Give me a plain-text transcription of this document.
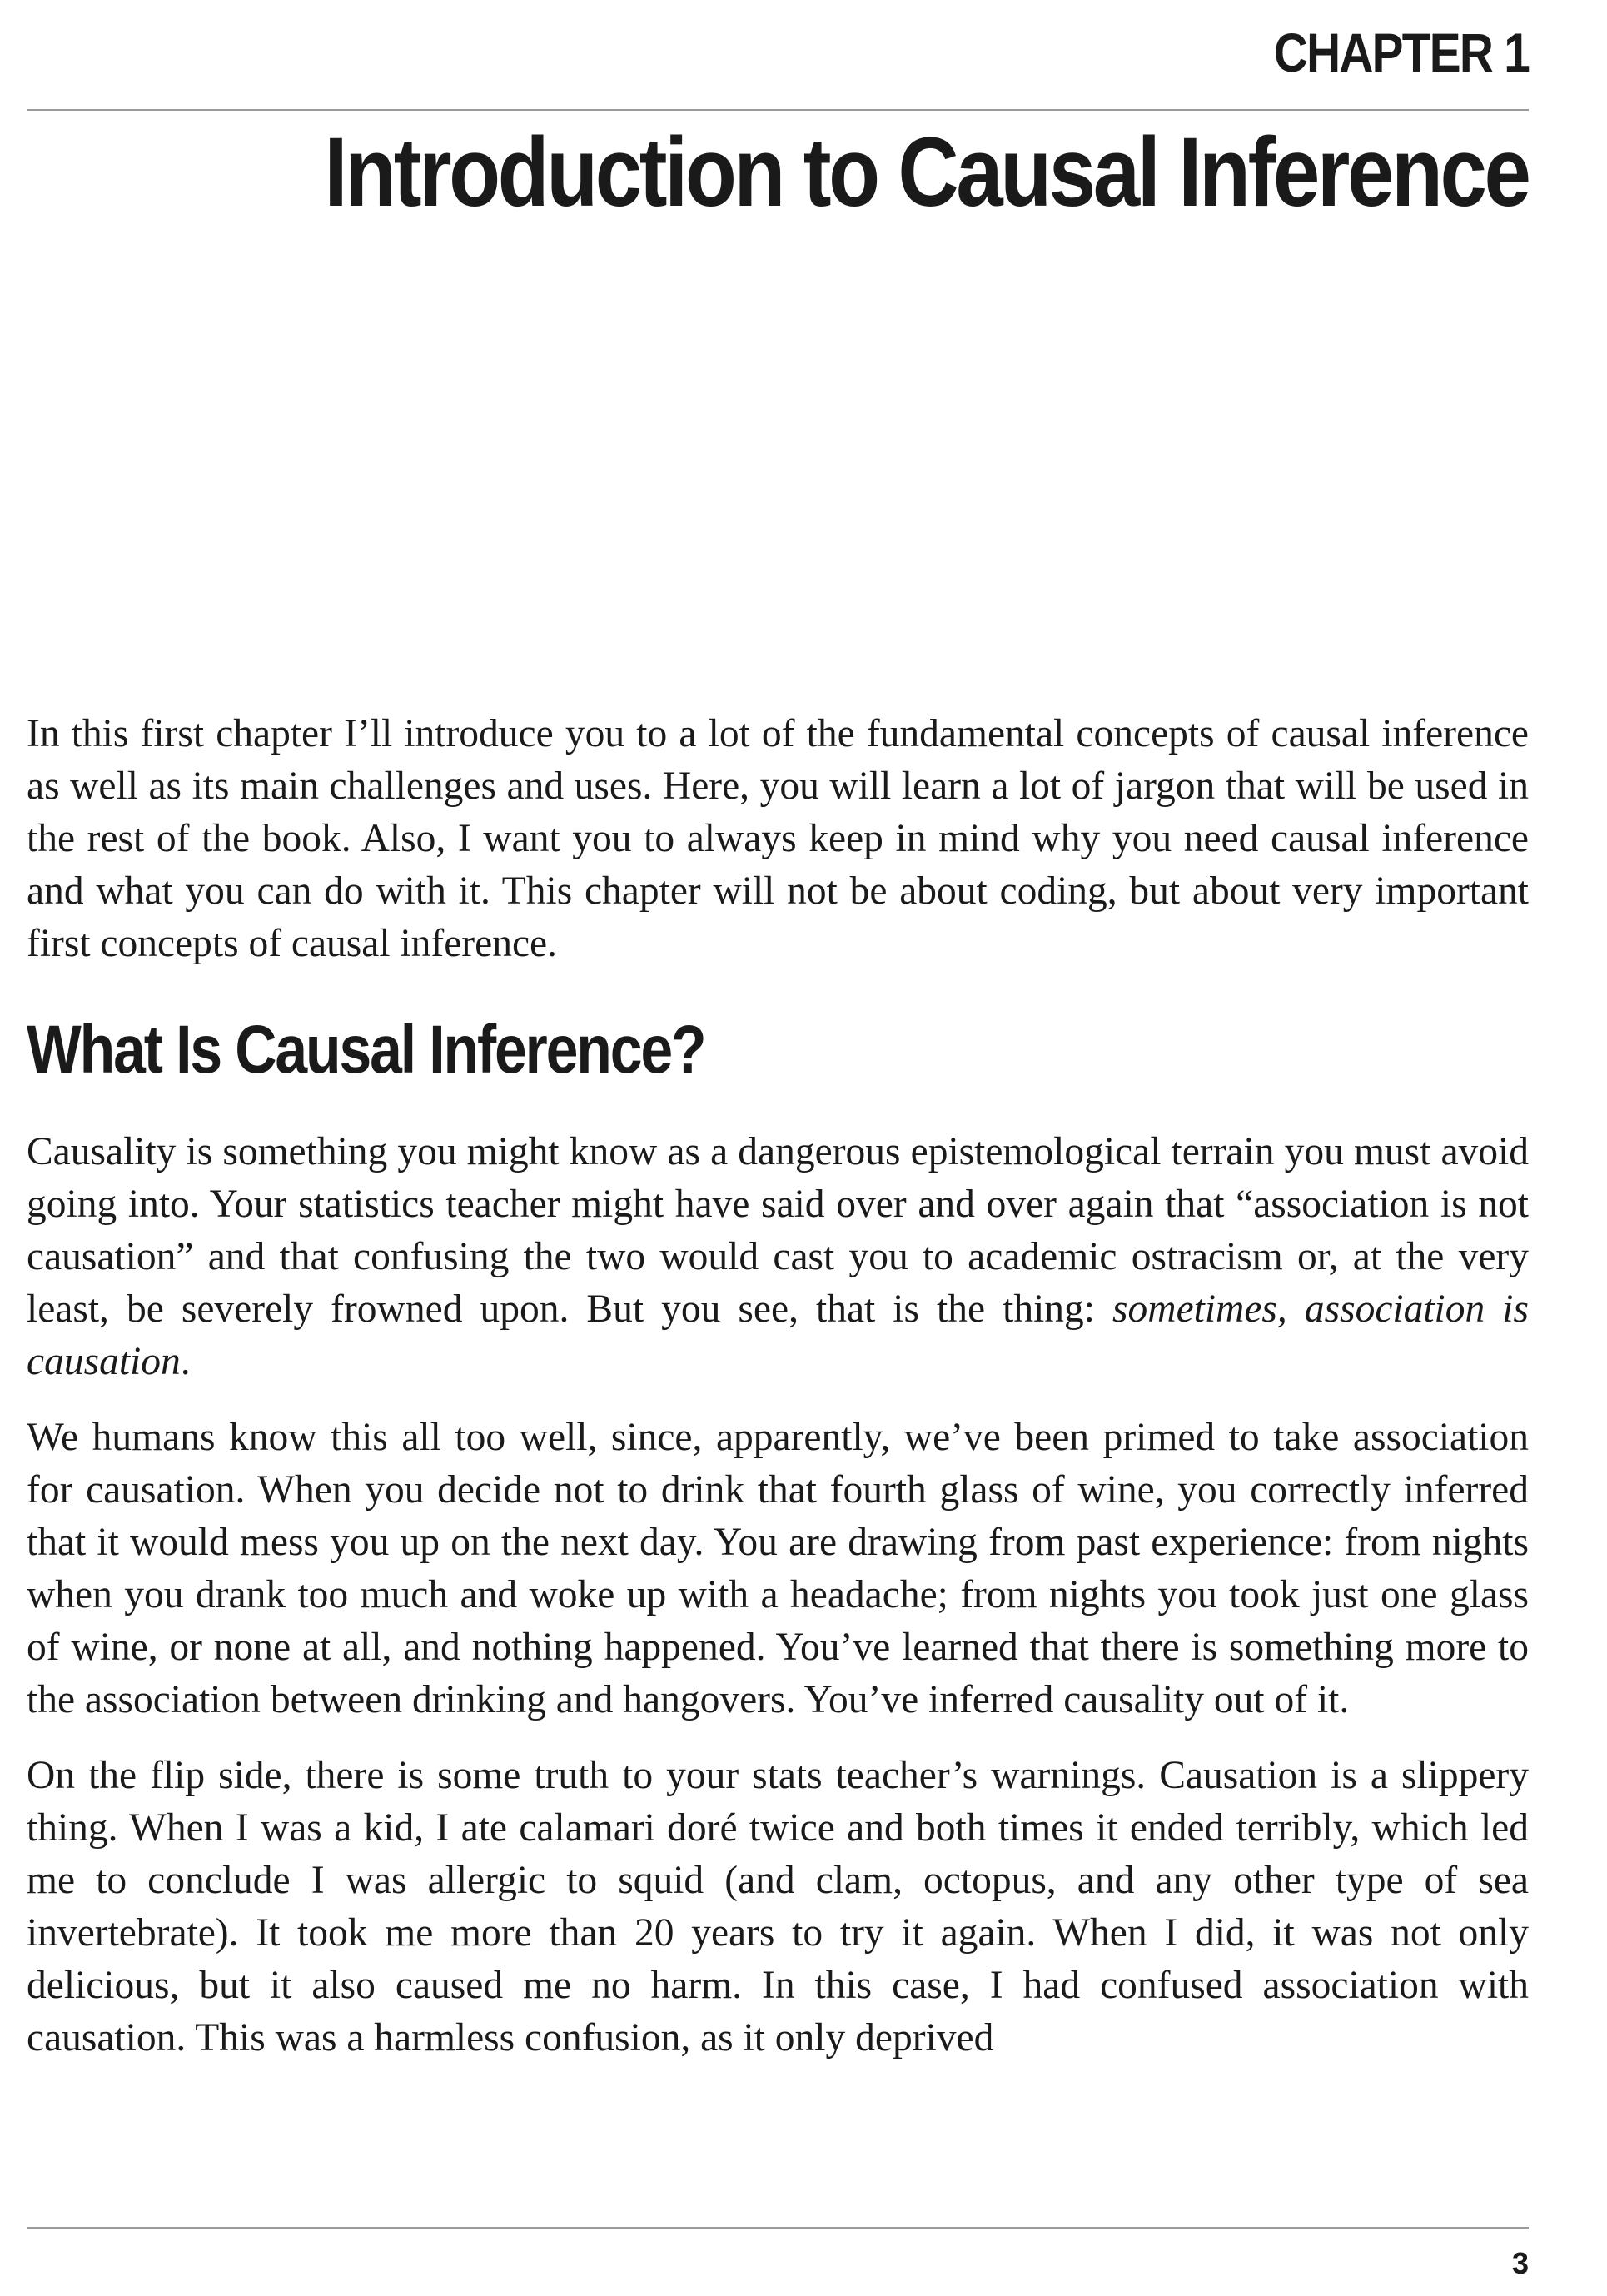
CHAPTER 1
Introduction to Causal Inference

In this first chapter I’ll introduce you to a lot of the fundamental concepts of causal inference as well as its main challenges and uses. Here, you will learn a lot of jargon that will be used in the rest of the book. Also, I want you to always keep in mind why you need causal inference and what you can do with it. This chapter will not be about coding, but about very important first concepts of causal inference.

What Is Causal Inference?

Causality is something you might know as a dangerous epistemological terrain you must avoid going into. Your statistics teacher might have said over and over again that “association is not causation” and that confusing the two would cast you to academic ostracism or, at the very least, be severely frowned upon. But you see, that is the thing: sometimes, association is causation.

We humans know this all too well, since, apparently, we’ve been primed to take association for causation. When you decide not to drink that fourth glass of wine, you correctly inferred that it would mess you up on the next day. You are drawing from past experience: from nights when you drank too much and woke up with a headache; from nights you took just one glass of wine, or none at all, and nothing happened. You’ve learned that there is something more to the association between drinking and hangovers. You’ve inferred causality out of it.

On the flip side, there is some truth to your stats teacher’s warnings. Causation is a slippery thing. When I was a kid, I ate calamari doré twice and both times it ended terribly, which led me to conclude I was allergic to squid (and clam, octopus, and any other type of sea invertebrate). It took me more than 20 years to try it again. When I did, it was not only delicious, but it also caused me no harm. In this case, I had confused association with causation. This was a harmless confusion, as it only deprived

3
